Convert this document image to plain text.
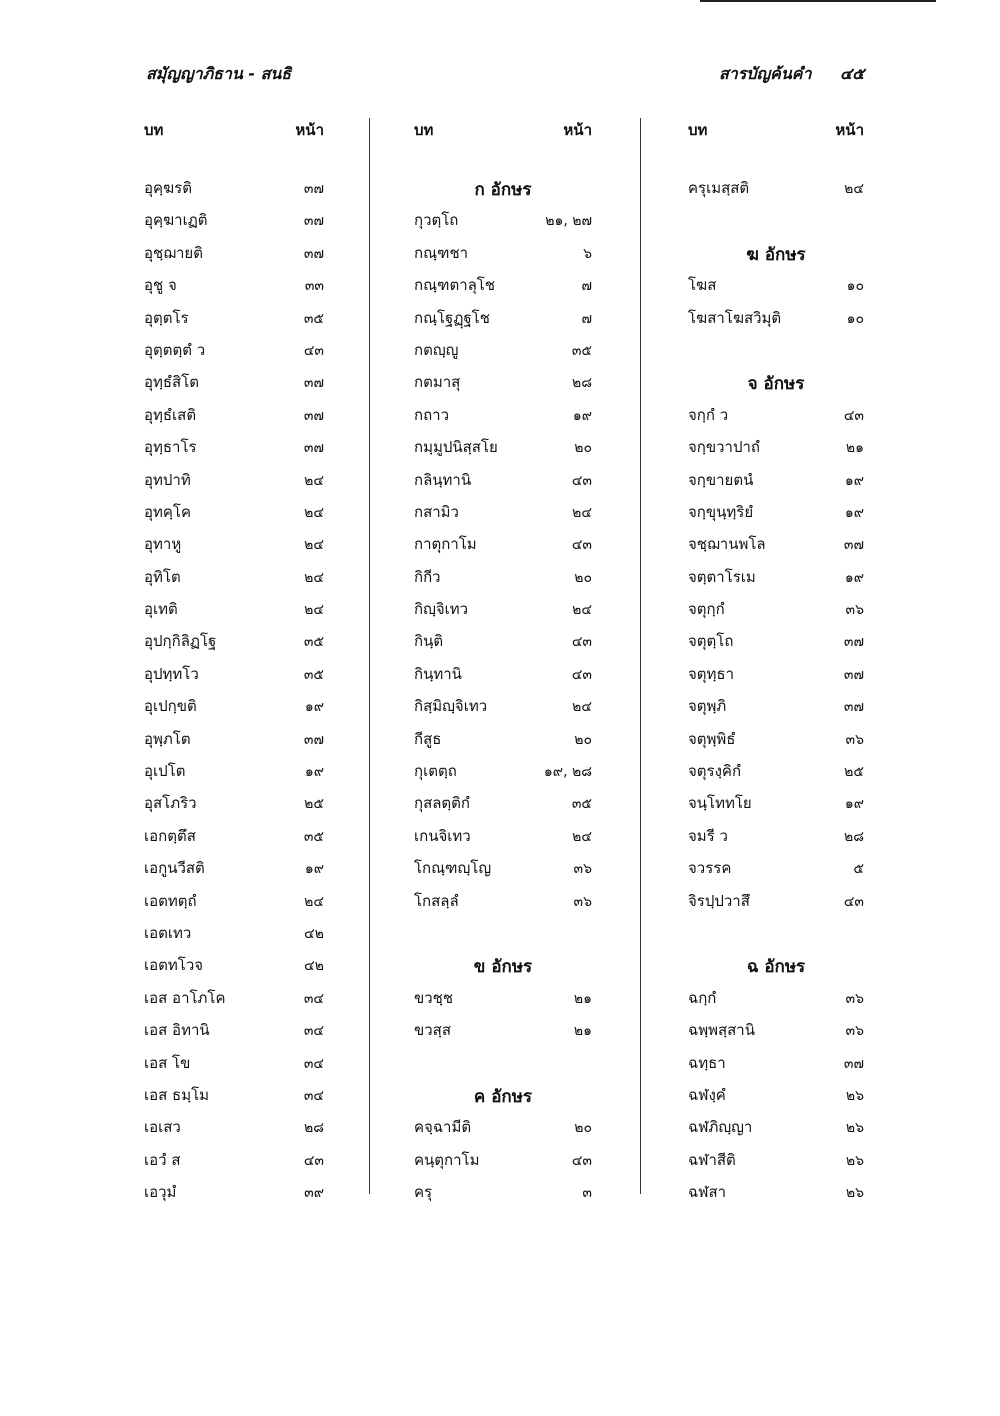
สมุัญญาภิธาน - สนธิ	สารบัญค้นคำ ๔๕
บท	หน้า
อุคฺฆรติ	๓๗
อุคฺฆาเฏติ	๓๗
อุชฺฌายติ	๓๗
อุชู จ	๓๓
อุตฺตโร	๓๕
อุตฺตตฺตํ ว	๔๓
อุทฺธํสิโต	๓๗
อุทฺธํเสติ	๓๗
อุทฺธาโร	๓๗
อุทปาทิ	๒๔
อุทคฺโค	๒๔
อุทาหู	๒๔
อุทิโต	๒๔
อุเทติ	๒๔
อุปกฺกิลิฏโฐ	๓๕
อุปทฺทโว	๓๕
อุเปกฺขติ	๑๙
อุพฺภโต	๓๗
อุเปโต	๑๙
อุสโภริว	๒๕
เอกตฺตึส	๓๕
เอกูนวีสติ	๑๙
เอตทตฺถํ	๒๔
เอตเทว	๔๒
เอตทโวจ	๔๒
เอส อาโภโค	๓๔
เอส อิทานิ	๓๔
เอส โข	๓๔
เอส ธมฺโม	๓๔
เอเสว	๒๘
เอวํ ส	๔๓
เอวุมํ	๓๙
บท	หน้า
ก อักษร
กุวตฺโถ	๒๑, ๒๗
กณฺฑชา	๖
กณฺฑตาลุโช	๗
กณฺโฐฏฺฐโช	๗
กตญฺญู	๓๕
กตมาสุ	๒๘
กถาว	๑๙
กมฺมูปนิสฺสโย	๒๐
กลินฺทานิ	๔๓
กสามิว	๒๔
กาตุกาโม	๔๓
กิกีว	๒๐
กิญฺจิเทว	๒๔
กินฺติ	๔๓
กินฺทานิ	๔๓
กิสฺมิญฺจิเทว	๒๔
กีสูธ	๒๐
กุเตตฺถ	๑๙, ๒๘
กุสลตฺติกํ	๓๕
เกนจิเทว	๒๔
โกณฺฑญฺโญ	๓๖
โกสลฺลํ	๓๖
ข อักษร
ขวชฺช	๒๑
ขวสฺส	๒๑
ค อักษร
คจฺฉามีติ	๒๐
คนฺตุกาโม	๔๓
ครุ	๓
บท	หน้า
ครุเมสฺสติ	๒๔
ฆ อักษร
โฆส	๑๐
โฆสาโฆสวิมุติ	๑๐
จ อักษร
จกฺกํ ว	๔๓
จกฺขวาปาถํ	๒๑
จกฺขายตนํ	๑๙
จกฺขุนฺทฺริยํ	๑๙
จชฺฌานพโล	๓๗
จตฺตาโรเม	๑๙
จตุกฺกํ	๓๖
จตุตฺโถ	๓๗
จตุทฺธา	๓๗
จตุพฺภิ	๓๗
จตุพฺพิธํ	๓๖
จตุรงฺคิกํ	๒๕
จนฺโททโย	๑๙
จมรี ว	๒๘
จวรรค	๕
จิรปฺปวาสึ	๔๓
ฉ อักษร
ฉกฺกํ	๓๖
ฉพฺพสฺสานิ	๓๖
ฉทฺธา	๓๗
ฉฬงฺคํ	๒๖
ฉฬภิญฺญา	๒๖
ฉฬาสีติ	๒๖
ฉฬสา	๒๖
